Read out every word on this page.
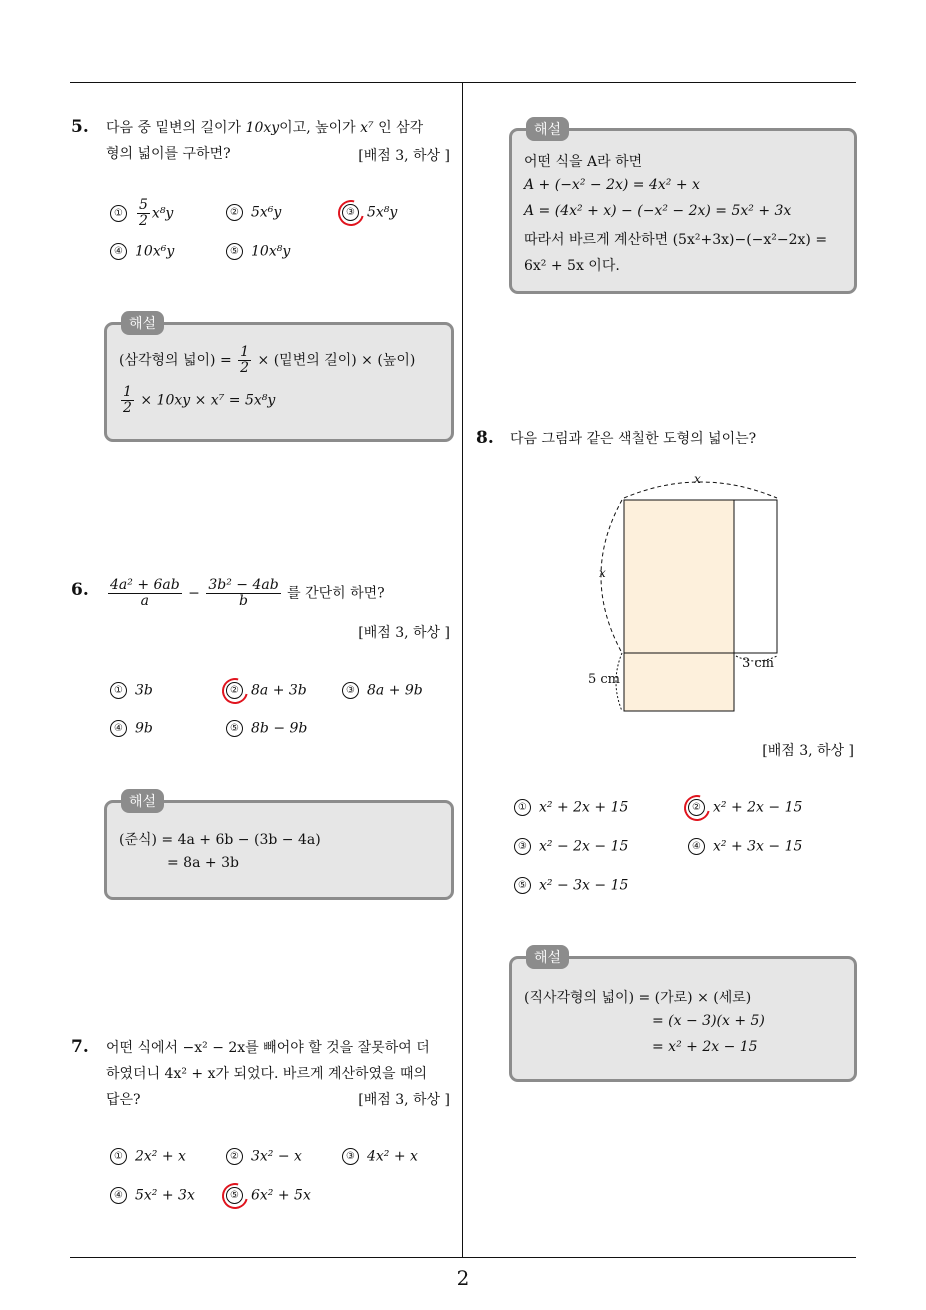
5. 다음 중 밑변의 길이가 10xy이고, 높이가 x⁷ 인 삼각
형의 넓이를 구하면?	[배점 3, 하상 ]
① $\frac{5}{2} x^8y$	② 5x⁶y	③ 5x⁸y
④ 10x⁶y	⑤ 10x⁸y
해설
(삼각형의 넓이) = $\frac{1}{2}$ × (밑변의 길이) × (높이)
$\frac{1}{2} \times 10xy \times x^7 = 5x^8y$
6. $\frac{\text{4a² + 6ab}}{a} - \frac{\text{3b² − 4ab}}{b}$ 를 간단히 하면?
[배점 3, 하상 ]
① 3b	② 8a + 3b	③ 8a + 9b
④ 9b	⑤ 8b − 9b
해설
(준식) = 4a + 6b − (3b − 4a)
= 8a + 3b
7. 어떤 식에서 −x² − 2x를 빼어야 할 것을 잘못하여 더
하였더니 4x² + x가 되었다. 바르게 계산하였을 때의
답은?	[배점 3, 하상 ]
① 2x² + x	② 3x² − x	③ 4x² + x
④ 5x² + 3x	⑤ 6x² + 5x
해설
어떤 식을 A라 하면
A + (−x² − 2x) = 4x² + x
A = (4x² + x) − (−x² − 2x) = 5x² + 3x
따라서 바르게 계산하면 (5x²+3x)−(−x²−2x) =
6x² + 5x 이다.
8. 다음 그림과 같은 색칠한 도형의 넓이는?
x
x
3 cm
5 cm
[배점 3, 하상 ]
① x² + 2x + 15	② x² + 2x − 15
③ x² − 2x − 15	④ x² + 3x − 15
⑤ x² − 3x − 15
해설
(직사각형의 넓이) = (가로) × (세로)
= (x − 3)(x + 5)
= x² + 2x − 15
2
